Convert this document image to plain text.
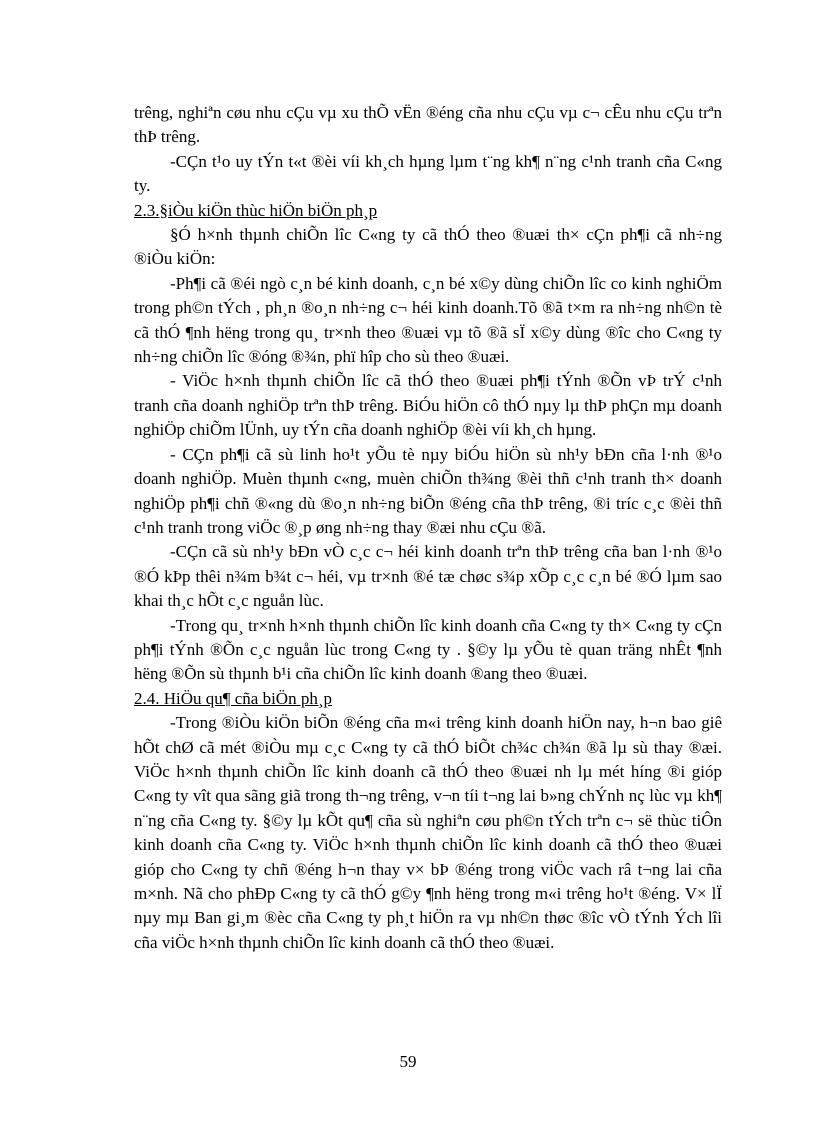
trêng, nghiªn cøu nhu cÇu vµ xu thÕ vËn ®éng cña nhu cÇu vµ c¬ cÊu nhu cÇu trªn thÞ trêng.

-CÇn t¹o uy tÝn t«t ®èi víi kh¸ch hµng lµm t¨ng kh¶ n¨ng c¹nh tranh cña C«ng ty.

2.3.§iÒu kiÖn thùc hiÖn biÖn ph¸p

§Ó h×nh thµnh chiÕn lîc C«ng ty cã thÓ theo ®uæi th× cÇn ph¶i cã nh÷ng ®iÒu kiÖn:

-Ph¶i cã ®éi ngò c¸n bé kinh doanh, c¸n bé x©y dùng chiÕn lîc co kinh nghiÖm trong ph©n tÝch , ph¸n ®o¸n nh÷ng c¬ héi kinh doanh.Tõ ®ã t×m ra nh÷ng nh©n tè cã thÓ ¶nh hëng trong qu¸ tr×nh theo ®uæi vµ tõ ®ã sÏ x©y dùng ®îc cho C«ng ty nh÷ng chiÕn lîc ®óng ®¾n, phï hîp cho sù theo ®uæi.

- ViÖc h×nh thµnh chiÕn lîc cã thÓ theo ®uæi ph¶i tÝnh ®Õn vÞ trÝ c¹nh tranh cña doanh nghiÖp trªn thÞ trêng. BiÓu hiÖn cô thÓ nµy lµ thÞ phÇn mµ doanh nghiÖp chiÕm lÜnh, uy tÝn cña doanh nghiÖp ®èi víi kh¸ch hµng.

- CÇn ph¶i cã sù linh ho¹t yÕu tè nµy biÓu hiÖn sù nh¹y bÐn cña l·nh ®¹o doanh nghiÖp. Muèn thµnh c«ng, muèn chiÕn th¾ng ®èi thñ c¹nh tranh th× doanh nghiÖp ph¶i chñ ®«ng dù ®o¸n nh÷ng biÕn ®éng cña thÞ trêng, ®i tríc c¸c ®èi thñ c¹nh tranh trong viÖc ®¸p øng nh÷ng thay ®æi nhu cÇu ®ã.

-CÇn cã sù nh¹y bÐn vÒ c¸c c¬ héi kinh doanh trªn thÞ trêng cña ban l·nh ®¹o ®Ó kÞp thêi n¾m b¾t c¬ héi, vµ tr×nh ®é tæ chøc s¾p xÕp c¸c c¸n bé ®Ó lµm sao khai th¸c hÕt c¸c nguån lùc.

-Trong qu¸ tr×nh h×nh thµnh chiÕn lîc kinh doanh cña C«ng ty th× C«ng ty cÇn ph¶i tÝnh ®Õn c¸c nguån lùc trong C«ng ty . §©y lµ yÕu tè quan träng nhÊt ¶nh hëng ®Õn sù thµnh b¹i cña chiÕn lîc kinh doanh ®ang theo ®uæi.

2.4. HiÖu qu¶ cña biÖn ph¸p

-Trong ®iÒu kiÖn biÕn ®éng cña m«i trêng kinh doanh hiÖn nay, h¬n bao giê hÕt chØ cã mét ®iÒu mµ c¸c C«ng ty cã thÓ biÕt ch¾c ch¾n ®ã lµ sù thay ®æi. ViÖc h×nh thµnh chiÕn lîc kinh doanh cã thÓ theo ®uæi nh lµ mét híng ®i gióp C«ng ty vît qua sãng giã trong th¬ng trêng, v¬n tíi t¬ng lai b»ng chÝnh nç lùc vµ kh¶ n¨ng cña C«ng ty. §©y lµ kÕt qu¶ cña sù nghiªn cøu ph©n tÝch trªn c¬ së thùc tiÔn kinh doanh cña C«ng ty. ViÖc h×nh thµnh chiÕn lîc kinh doanh cã thÓ theo ®uæi gióp cho C«ng ty chñ ®éng h¬n thay v× bÞ ®éng trong viÖc vach râ t¬ng lai cña m×nh. Nã cho phÐp C«ng ty cã thÓ g©y ¶nh hëng trong m«i trêng ho¹t ®éng. V× lÏ nµy mµ Ban gi¸m ®èc cña C«ng ty ph¸t hiÖn ra vµ nh©n thøc ®îc vÒ tÝnh Ých lîi cña viÖc h×nh thµnh chiÕn lîc kinh doanh cã thÓ theo ®uæi.

59
